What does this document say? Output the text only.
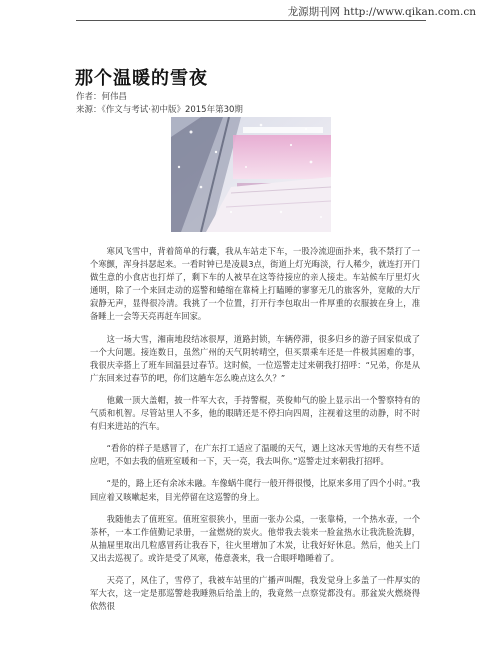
龙源期刊网 http://www.qikan.com.cn
那个温暖的雪夜
作者：何伟昌
来源：《作文与考试·初中版》2015年第30期

寒风飞雪中，背着简单的行囊，我从车站走下车，一股冷流迎面扑来，我不禁打了一个寒颤，浑身抖瑟起来。一看时钟已是凌晨3点，街道上灯光晦淡，行人稀少，就连打开门做生意的小食店也打烊了，剩下车的人被早在这等待接应的亲人接走。车站候车厅里灯火通明，除了一个来回走动的巡警和蜷缩在靠椅上打瞌睡的寥寥无几的旅客外，宽敞的大厅寂静无声，显得很冷清。我挑了一个位置，打开行李包取出一件厚重的衣服披在身上，准备睡上一会等天亮再赶车回家。

这一场大雪，湘南地段结冰很厚，道路封锁，车辆停滞，很多归乡的游子回家似成了一个大问题。接连数日，虽然广州的天气阴转晴空，但买票乘车还是一件极其困难的事，我很庆幸搭上了班车回温县过春节。这时候，一位巡警走过来朝我打招呼：“兄弟，你是从广东回来过春节的吧，你们这趟车怎么晚点这么久？”

他戴一顶大盖帽，披一件军大衣，手持警棍，英俊帅气的脸上显示出一个警察特有的气质和机智。尽管站里人不多，他的眼睛还是不停扫向四周，注视着这里的动静，时不时有归来进站的汽车。

“看你的样子是感冒了，在广东打工适应了温暖的天气，遇上这冰天雪地的天有些不适应吧，不如去我的值班室暖和一下，天一亮，我去叫你。”巡警走过来朝我打招呼。

“是的，路上还有余冰未融。车像蜗牛爬行一般开得很慢，比原来多用了四个小时。”我回应着又咳嗽起来，目光停留在这巡警的身上。

我随他去了值班室。值班室很狭小，里面一张办公桌，一张靠椅，一个热水壶，一个茶杯，一本工作值勤记录册，一盆燃烧的炭火。他带我去装来一脸盆热水让我洗脸洗脚，从抽屉里取出几粒感冒药让我吞下，往火里增加了木炭，让我好好休息。然后，他关上门又出去巡视了。或许是受了风寒，倦意袭来，我一合眼呼噜睡着了。

天亮了，风住了，雪停了，我被车站里的广播声叫醒，我发觉身上多盖了一件厚实的军大衣，这一定是那巡警趁我睡熟后给盖上的，我竟然一点察觉都没有。那盆炭火燃烧得依然很
